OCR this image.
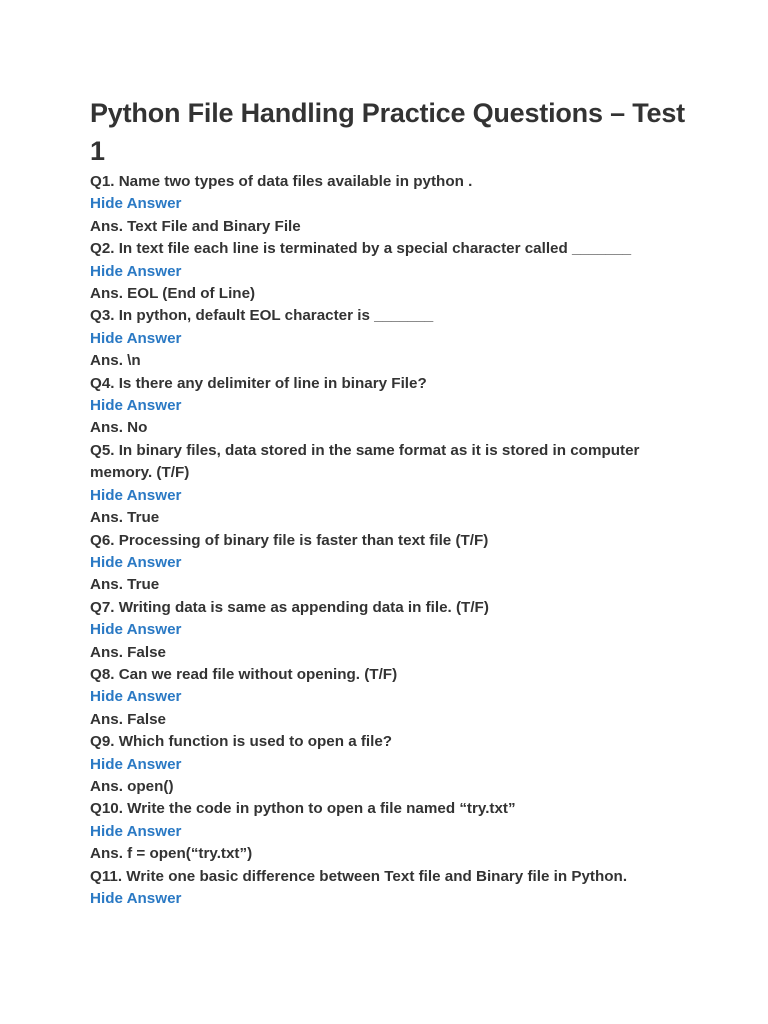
Python File Handling Practice Questions – Test 1
Q1. Name two types of data files available in python .
Hide Answer
Ans. Text File and Binary File
Q2. In text file each line is terminated by a special character called _______
Hide Answer
Ans. EOL (End of Line)
Q3. In python, default EOL character is _______
Hide Answer
Ans. \n
Q4. Is there any delimiter of line in binary File?
Hide Answer
Ans. No
Q5. In binary files, data stored in the same format as it is stored in computer memory. (T/F)
Hide Answer
Ans. True
Q6. Processing of binary file is faster than text file (T/F)
Hide Answer
Ans. True
Q7. Writing data is same as appending data in file. (T/F)
Hide Answer
Ans. False
Q8. Can we read file without opening. (T/F)
Hide Answer
Ans. False
Q9. Which function is used to open a file?
Hide Answer
Ans. open()
Q10. Write the code in python to open a file named “try.txt”
Hide Answer
Ans. f = open(“try.txt”)
Q11. Write one basic difference between Text file and Binary file in Python.
Hide Answer
